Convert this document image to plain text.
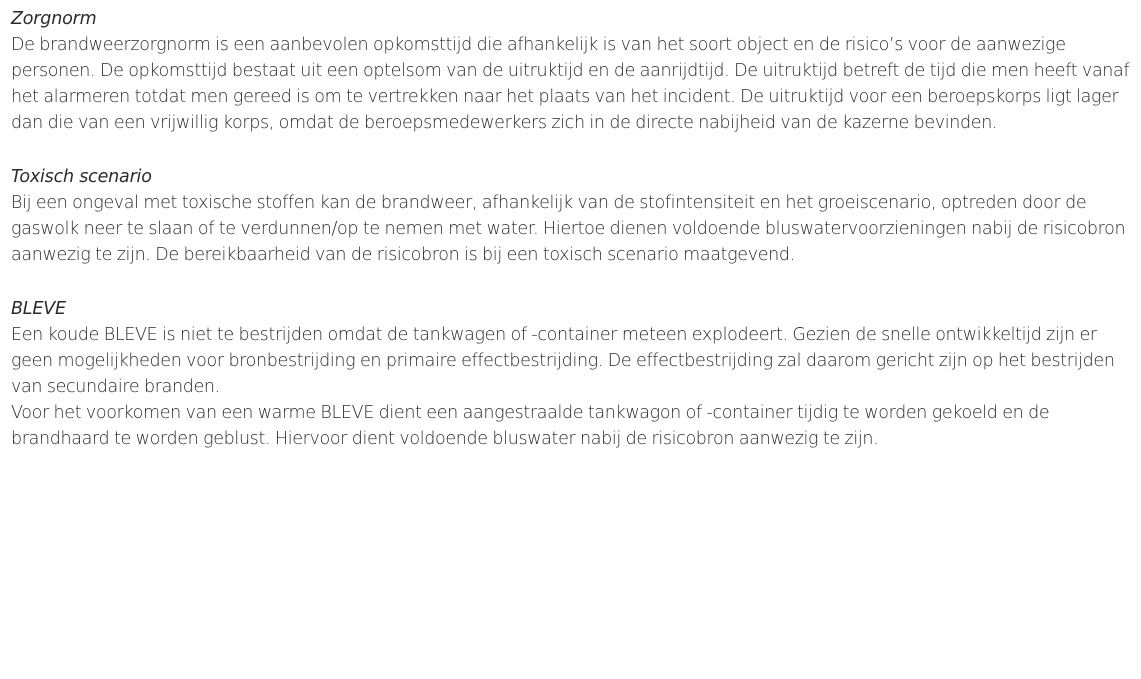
Zorgnorm

De brandweerzorgnorm is een aanbevolen opkomsttijd die afhankelijk is van het soort object en de risico’s voor de aanwezige personen. De opkomsttijd bestaat uit een optelsom van de uitruktijd en de aanrijdtijd. De uitruktijd betreft de tijd die men heeft vanaf het alarmeren totdat men gereed is om te vertrekken naar het plaats van het incident. De uitruktijd voor een beroepskorps ligt lager dan die van een vrijwillig korps, omdat de beroepsmedewerkers zich in de directe nabijheid van de kazerne bevinden.

Toxisch scenario

Bij een ongeval met toxische stoffen kan de brandweer, afhankelijk van de stofintensiteit en het groeiscenario, optreden door de gaswolk neer te slaan of te verdunnen/op te nemen met water. Hiertoe dienen voldoende bluswatervoorzieningen nabij de risicobron aanwezig te zijn. De bereikbaarheid van de risicobron is bij een toxisch scenario maatgevend.

BLEVE

Een koude BLEVE is niet te bestrijden omdat de tankwagen of -container meteen explodeert. Gezien de snelle ontwikkeltijd zijn er geen mogelijkheden voor bronbestrijding en primaire effectbestrijding. De effectbestrijding zal daarom gericht zijn op het bestrijden van secundaire branden.

Voor het voorkomen van een warme BLEVE dient een aangestraalde tankwagon of -container tijdig te worden gekoeld en de brandhaard te worden geblust. Hiervoor dient voldoende bluswater nabij de risicobron aanwezig te zijn.
